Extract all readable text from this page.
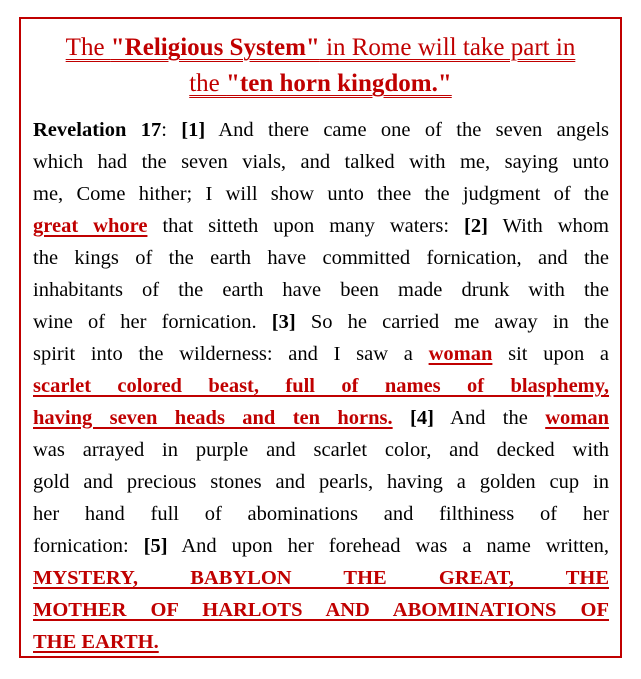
The "Religious System" in Rome will take part in
the "ten horn kingdom."
Revelation 17: [1] And there came one of the seven angels
which had the seven vials, and talked with me, saying unto
me, Come hither; I will show unto thee the judgment of the
great whore that sitteth upon many waters: [2] With whom
the kings of the earth have committed fornication, and the
inhabitants of the earth have been made drunk with the
wine of her fornication. [3] So he carried me away in the
spirit into the wilderness: and I saw a woman sit upon a
scarlet colored beast, full of names of blasphemy,
having seven heads and ten horns. [4] And the woman
was arrayed in purple and scarlet color, and decked with
gold and precious stones and pearls, having a golden cup in
her hand full of abominations and filthiness of her
fornication: [5] And upon her forehead was a name written,
MYSTERY, BABYLON THE GREAT, THE
MOTHER OF HARLOTS AND ABOMINATIONS OF
THE EARTH.
